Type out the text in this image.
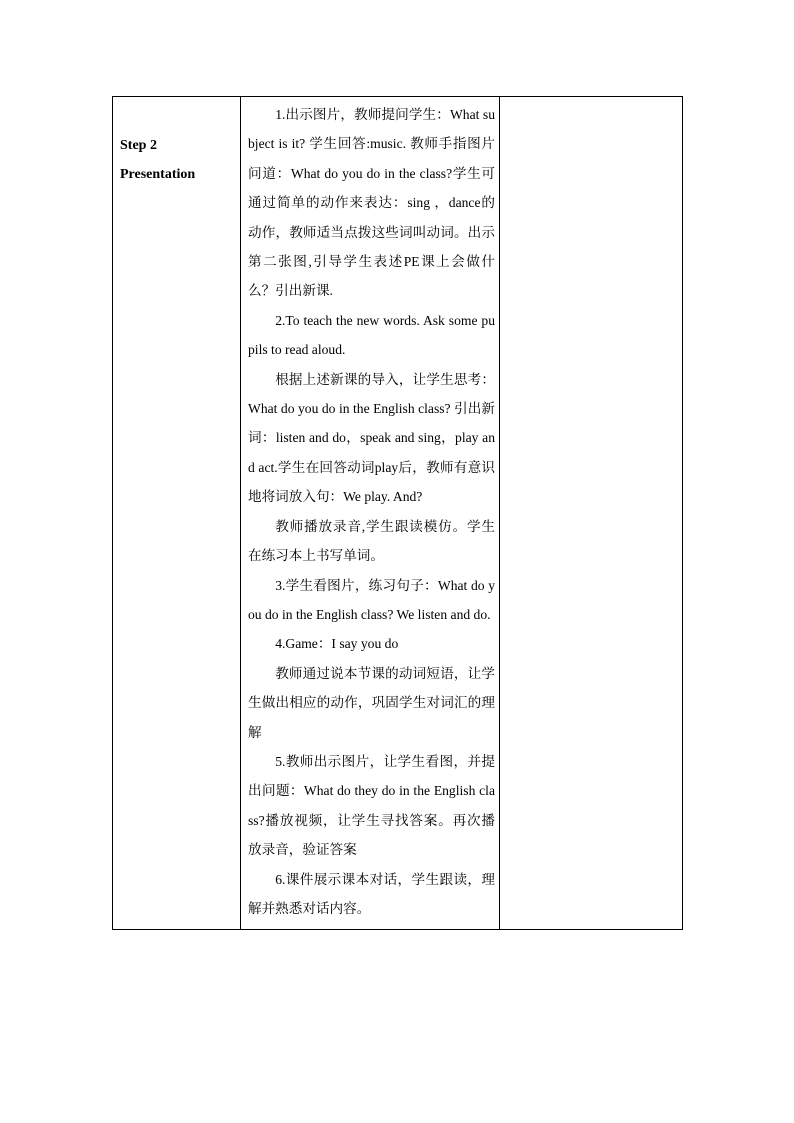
Step 2
Presentation

1.出示图片，教师提问学生：What subject is it? 学生回答:music. 教师手指图片问道：What do you do in the class?学生可通过简单的动作来表达：sing ，dance的动作，教师适当点拨这些词叫动词。出示第二张图,引导学生表述PE课上会做什么？引出新课.

2.To teach the new words. Ask some pupils to read aloud.

根据上述新课的导入，让学生思考：What do you do in the English class? 引出新词：listen and do，speak and sing，play and act.学生在回答动词play后，教师有意识地将词放入句：We play. And?

教师播放录音,学生跟读模仿。学生在练习本上书写单词。

3.学生看图片，练习句子：What do you do in the English class? We listen and do.

4.Game：I say you do

教师通过说本节课的动词短语，让学生做出相应的动作，巩固学生对词汇的理解

5.教师出示图片，让学生看图，并提出问题：What do they do in the English class?播放视频，让学生寻找答案。再次播放录音，验证答案

6.课件展示课本对话，学生跟读，理解并熟悉对话内容。
